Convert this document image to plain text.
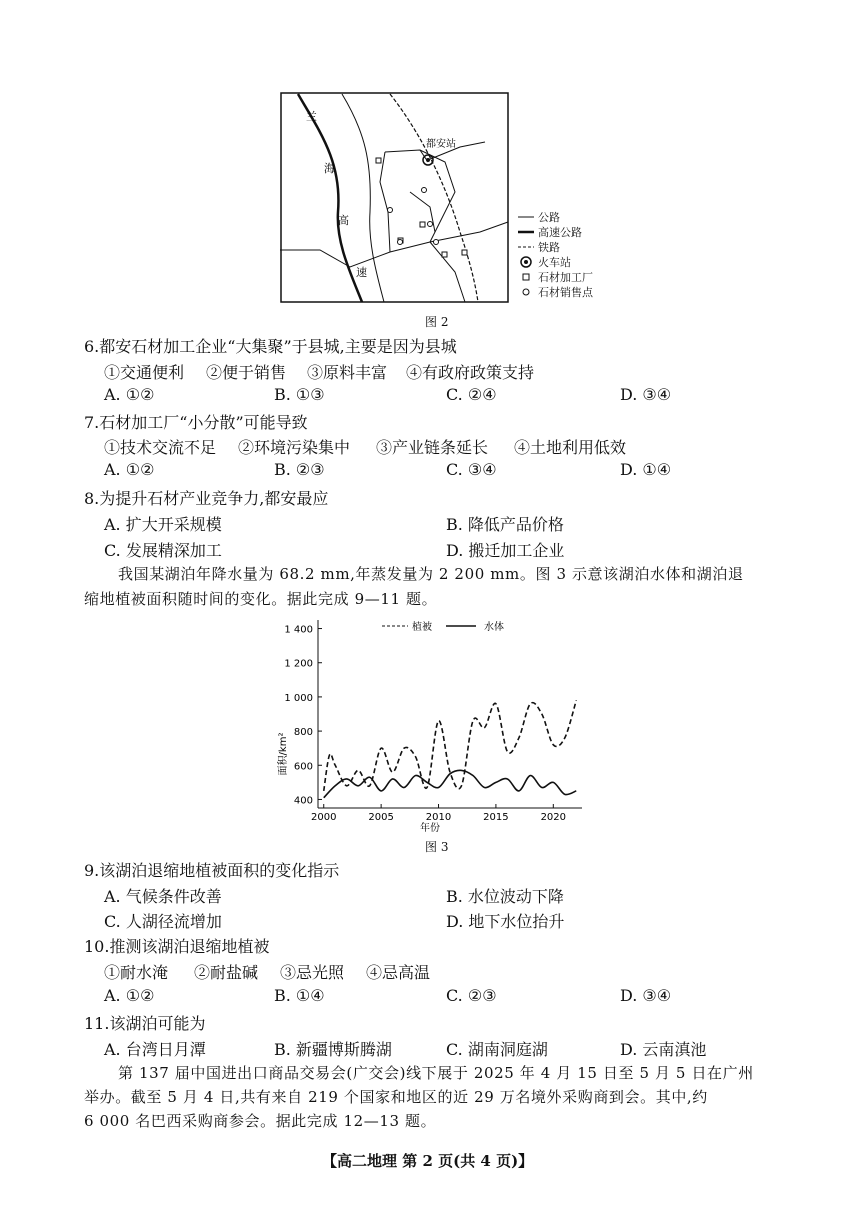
都安站
兰
海
高
速
公路
高速公路
铁路
火车站
石材加工厂
石材销售点
图 2
6.都安石材加工企业“大集聚”于县城,主要是因为县城
①交通便利 ②便于销售 ③原料丰富 ④有政府政策支持
A. ①②	B. ①③	C. ②④	D. ③④
7.石材加工厂“小分散”可能导致
①技术交流不足 ②环境污染集中 ③产业链条延长 ④土地利用低效
A. ①②	B. ②③	C. ③④	D. ①④
8.为提升石材产业竞争力,都安最应
A. 扩大开采规模	B. 降低产品价格
C. 发展精深加工	D. 搬迁加工企业
我国某湖泊年降水量为 68.2 mm,年蒸发量为 2 200 mm。图 3 示意该湖泊水体和湖泊退
缩地植被面积随时间的变化。据此完成 9—11 题。
400
600
800
1 000
1 200
1 400
2000	2005	2010	2015	2020
年份
面积/km²
植被	水体
图 3
9.该湖泊退缩地植被面积的变化指示
A. 气候条件改善	B. 水位波动下降
C. 人湖径流增加	D. 地下水位抬升
10.推测该湖泊退缩地植被
①耐水淹 ②耐盐碱 ③忌光照 ④忌高温
A. ①②	B. ①④	C. ②③	D. ③④
11.该湖泊可能为
A. 台湾日月潭	B. 新疆博斯腾湖	C. 湖南洞庭湖	D. 云南滇池
第 137 届中国进出口商品交易会(广交会)线下展于 2025 年 4 月 15 日至 5 月 5 日在广州
举办。截至 5 月 4 日,共有来自 219 个国家和地区的近 29 万名境外采购商到会。其中,约
6 000 名巴西采购商参会。据此完成 12—13 题。
【高二地理 第 2 页(共 4 页)】
